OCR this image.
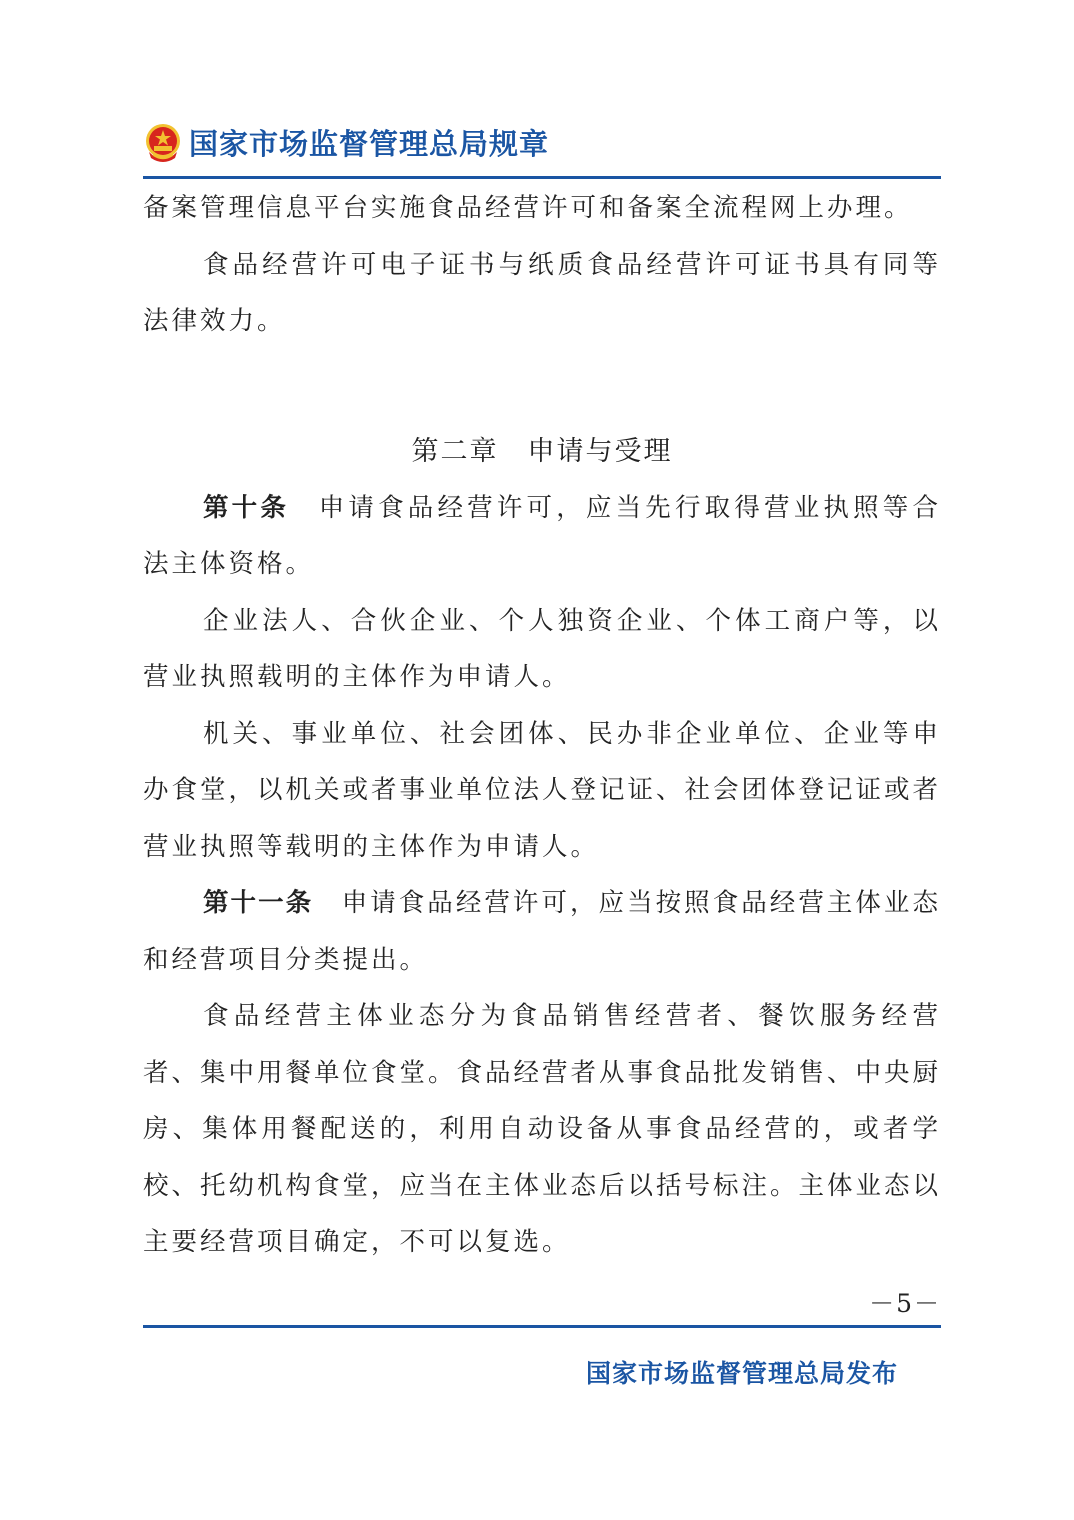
国家市场监督管理总局规章

备案管理信息平台实施食品经营许可和备案全流程网上办理。

食品经营许可电子证书与纸质食品经营许可证书具有同等法律效力。

第二章　申请与受理

第十条　申请食品经营许可，应当先行取得营业执照等合法主体资格。

企业法人、合伙企业、个人独资企业、个体工商户等，以营业执照载明的主体作为申请人。

机关、事业单位、社会团体、民办非企业单位、企业等申办食堂，以机关或者事业单位法人登记证、社会团体登记证或者营业执照等载明的主体作为申请人。

第十一条　申请食品经营许可，应当按照食品经营主体业态和经营项目分类提出。

食品经营主体业态分为食品销售经营者、餐饮服务经营者、集中用餐单位食堂。食品经营者从事食品批发销售、中央厨房、集体用餐配送的，利用自动设备从事食品经营的，或者学校、托幼机构食堂，应当在主体业态后以括号标注。主体业态以主要经营项目确定，不可以复选。

－5－
国家市场监督管理总局发布
